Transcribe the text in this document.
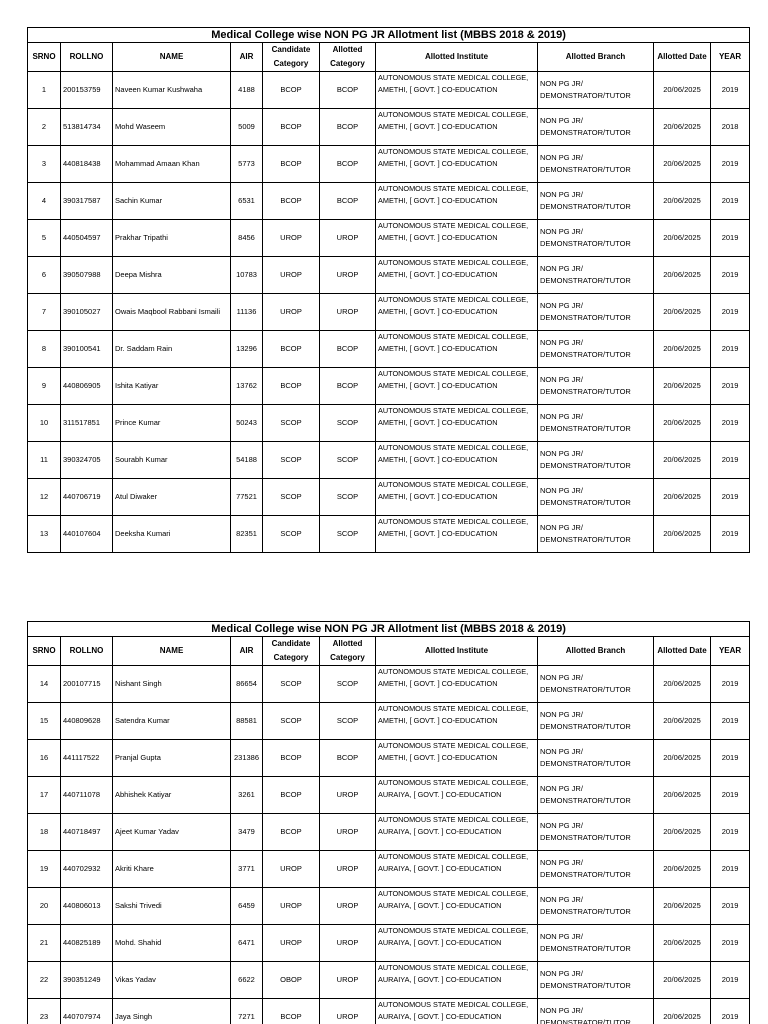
Medical College wise NON PG JR Allotment list (MBBS 2018 & 2019)									
SRNO	ROLLNO	NAME	AIR	Candidate Category	Allotted Category	Allotted Institute	Allotted Branch	Allotted Date	YEAR
1	200153759	Naveen Kumar Kushwaha	4188	BCOP	BCOP	AUTONOMOUS STATE MEDICAL COLLEGE, AMETHI, [ GOVT. ] CO-EDUCATION	NON PG JR/ DEMONSTRATOR/TUTOR	20/06/2025	2019
2	513814734	Mohd Waseem	5009	BCOP	BCOP	AUTONOMOUS STATE MEDICAL COLLEGE, AMETHI, [ GOVT. ] CO-EDUCATION	NON PG JR/ DEMONSTRATOR/TUTOR	20/06/2025	2018
3	440818438	Mohammad Amaan Khan	5773	BCOP	BCOP	AUTONOMOUS STATE MEDICAL COLLEGE, AMETHI, [ GOVT. ] CO-EDUCATION	NON PG JR/ DEMONSTRATOR/TUTOR	20/06/2025	2019
4	390317587	Sachin Kumar	6531	BCOP	BCOP	AUTONOMOUS STATE MEDICAL COLLEGE, AMETHI, [ GOVT. ] CO-EDUCATION	NON PG JR/ DEMONSTRATOR/TUTOR	20/06/2025	2019
5	440504597	Prakhar Tripathi	8456	UROP	UROP	AUTONOMOUS STATE MEDICAL COLLEGE, AMETHI, [ GOVT. ] CO-EDUCATION	NON PG JR/ DEMONSTRATOR/TUTOR	20/06/2025	2019
6	390507988	Deepa Mishra	10783	UROP	UROP	AUTONOMOUS STATE MEDICAL COLLEGE, AMETHI, [ GOVT. ] CO-EDUCATION	NON PG JR/ DEMONSTRATOR/TUTOR	20/06/2025	2019
7	390105027	Owais Maqbool Rabbani Ismaili	11136	UROP	UROP	AUTONOMOUS STATE MEDICAL COLLEGE, AMETHI, [ GOVT. ] CO-EDUCATION	NON PG JR/ DEMONSTRATOR/TUTOR	20/06/2025	2019
8	390100541	Dr. Saddam Rain	13296	BCOP	BCOP	AUTONOMOUS STATE MEDICAL COLLEGE, AMETHI, [ GOVT. ] CO-EDUCATION	NON PG JR/ DEMONSTRATOR/TUTOR	20/06/2025	2019
9	440806905	Ishita Katiyar	13762	BCOP	BCOP	AUTONOMOUS STATE MEDICAL COLLEGE, AMETHI, [ GOVT. ] CO-EDUCATION	NON PG JR/ DEMONSTRATOR/TUTOR	20/06/2025	2019
10	311517851	Prince Kumar	50243	SCOP	SCOP	AUTONOMOUS STATE MEDICAL COLLEGE, AMETHI, [ GOVT. ] CO-EDUCATION	NON PG JR/ DEMONSTRATOR/TUTOR	20/06/2025	2019
11	390324705	Sourabh Kumar	54188	SCOP	SCOP	AUTONOMOUS STATE MEDICAL COLLEGE, AMETHI, [ GOVT. ] CO-EDUCATION	NON PG JR/ DEMONSTRATOR/TUTOR	20/06/2025	2019
12	440706719	Atul Diwaker	77521	SCOP	SCOP	AUTONOMOUS STATE MEDICAL COLLEGE, AMETHI, [ GOVT. ] CO-EDUCATION	NON PG JR/ DEMONSTRATOR/TUTOR	20/06/2025	2019
13	440107604	Deeksha Kumari	82351	SCOP	SCOP	AUTONOMOUS STATE MEDICAL COLLEGE, AMETHI, [ GOVT. ] CO-EDUCATION	NON PG JR/ DEMONSTRATOR/TUTOR	20/06/2025	2019
Medical College wise NON PG JR Allotment list (MBBS 2018 & 2019)									
SRNO	ROLLNO	NAME	AIR	Candidate Category	Allotted Category	Allotted Institute	Allotted Branch	Allotted Date	YEAR
14	200107715	Nishant Singh	86654	SCOP	SCOP	AUTONOMOUS STATE MEDICAL COLLEGE, AMETHI, [ GOVT. ] CO-EDUCATION	NON PG JR/ DEMONSTRATOR/TUTOR	20/06/2025	2019
15	440809628	Satendra Kumar	88581	SCOP	SCOP	AUTONOMOUS STATE MEDICAL COLLEGE, AMETHI, [ GOVT. ] CO-EDUCATION	NON PG JR/ DEMONSTRATOR/TUTOR	20/06/2025	2019
16	441117522	Pranjal Gupta	231386	BCOP	BCOP	AUTONOMOUS STATE MEDICAL COLLEGE, AMETHI, [ GOVT. ] CO-EDUCATION	NON PG JR/ DEMONSTRATOR/TUTOR	20/06/2025	2019
17	440711078	Abhishek Katiyar	3261	BCOP	UROP	AUTONOMOUS STATE MEDICAL COLLEGE, AURAIYA, [ GOVT. ] CO-EDUCATION	NON PG JR/ DEMONSTRATOR/TUTOR	20/06/2025	2019
18	440718497	Ajeet Kumar Yadav	3479	BCOP	UROP	AUTONOMOUS STATE MEDICAL COLLEGE, AURAIYA, [ GOVT. ] CO-EDUCATION	NON PG JR/ DEMONSTRATOR/TUTOR	20/06/2025	2019
19	440702932	Akriti Khare	3771	UROP	UROP	AUTONOMOUS STATE MEDICAL COLLEGE, AURAIYA, [ GOVT. ] CO-EDUCATION	NON PG JR/ DEMONSTRATOR/TUTOR	20/06/2025	2019
20	440806013	Sakshi Trivedi	6459	UROP	UROP	AUTONOMOUS STATE MEDICAL COLLEGE, AURAIYA, [ GOVT. ] CO-EDUCATION	NON PG JR/ DEMONSTRATOR/TUTOR	20/06/2025	2019
21	440825189	Mohd. Shahid	6471	UROP	UROP	AUTONOMOUS STATE MEDICAL COLLEGE, AURAIYA, [ GOVT. ] CO-EDUCATION	NON PG JR/ DEMONSTRATOR/TUTOR	20/06/2025	2019
22	390351249	Vikas Yadav	6622	OBOP	UROP	AUTONOMOUS STATE MEDICAL COLLEGE, AURAIYA, [ GOVT. ] CO-EDUCATION	NON PG JR/ DEMONSTRATOR/TUTOR	20/06/2025	2019
23	440707974	Jaya Singh	7271	BCOP	UROP	AUTONOMOUS STATE MEDICAL COLLEGE, AURAIYA, [ GOVT. ] CO-EDUCATION	NON PG JR/ DEMONSTRATOR/TUTOR	20/06/2025	2019
